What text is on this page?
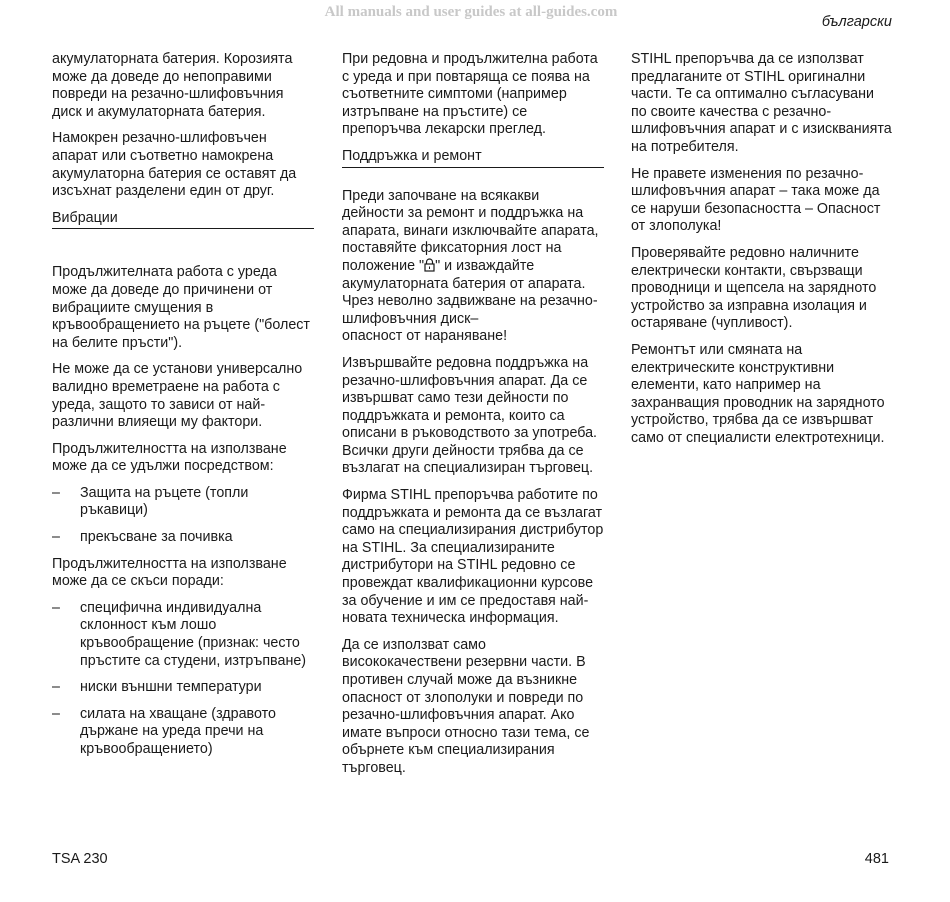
All manuals and user guides at all-guides.com
български

акумулаторната батерия. Корозията може да доведе до непоправими повреди на резачно-шлифовъчния диск и акумулаторната батерия.

Намокрен резачно-шлифовъчен апарат или съответно намокрена акумулаторна батерия се оставят да изсъхнат разделени един от друг.

Вибрации

Продължителната работа с уреда може да доведе до причинени от вибрациите смущения в кръвообращението на ръцете ("болест на белите пръсти").

Не може да се установи универсално валидно времетраене на работа с уреда, защото то зависи от най-различни влияещи му фактори.

Продължителността на използване може да се удължи посредством:

–	Защита на ръцете (топли ръкавици)
–	прекъсване за почивка

Продължителността на използване може да се скъси поради:

–	специфична индивидуална склонност към лошо кръвообращение (признак: често пръстите са студени, изтръпване)
–	ниски външни температури
–	силата на хващане (здравото държане на уреда пречи на кръвообращението)

При редовна и продължителна работа с уреда и при повтаряща се поява на съответните симптоми (например изтръпване на пръстите) се препоръчва лекарски преглед.

Поддръжка и ремонт

Преди започване на всякакви дейности за ремонт и поддръжка на апарата, винаги изключвайте апарата, поставяйте фиксаторния лост на положение " " и изваждайте акумулаторната батерия от апарата. Чрез неволно задвижване на резачно-шлифовъчния диск–
опасност от нараняване!

Извършвайте редовна поддръжка на резачно-шлифовъчния апарат. Да се извършват само тези дейности по поддръжката и ремонта, които са описани в ръководството за употреба. Всички други дейности трябва да се възлагат на специализиран търговец.

Фирма STIHL препоръчва работите по поддръжката и ремонта да се възлагат само на специализирания дистрибутор на STIHL. За специализираните дистрибутори на STIHL редовно се провеждат квалификационни курсове за обучение и им се предоставя най-новата техническа информация.

Да се използват само висококачествени резервни части. В противен случай може да възникне опасност от злополуки и повреди по резачно-шлифовъчния апарат. Ако имате въпроси относно тази тема, се обърнете към специализирания търговец.

STIHL препоръчва да се използват предлаганите от STIHL оригинални части. Те са оптимално съгласувани по своите качества с резачно-шлифовъчния апарат и с изискванията на потребителя.

Не правете изменения по резачно-шлифовъчния апарат – така може да се наруши безопасността – Опасност от злополука!

Проверявайте редовно наличните електрически контакти, свързващи проводници и щепсела на зарядното устройство за изправна изолация и остаряване (чупливост).

Ремонтът или смяната на електрическите конструктивни елементи, като например на захранващия проводник на зарядното устройство, трябва да се извършват само от специалисти електротехници.

TSA 230	481
